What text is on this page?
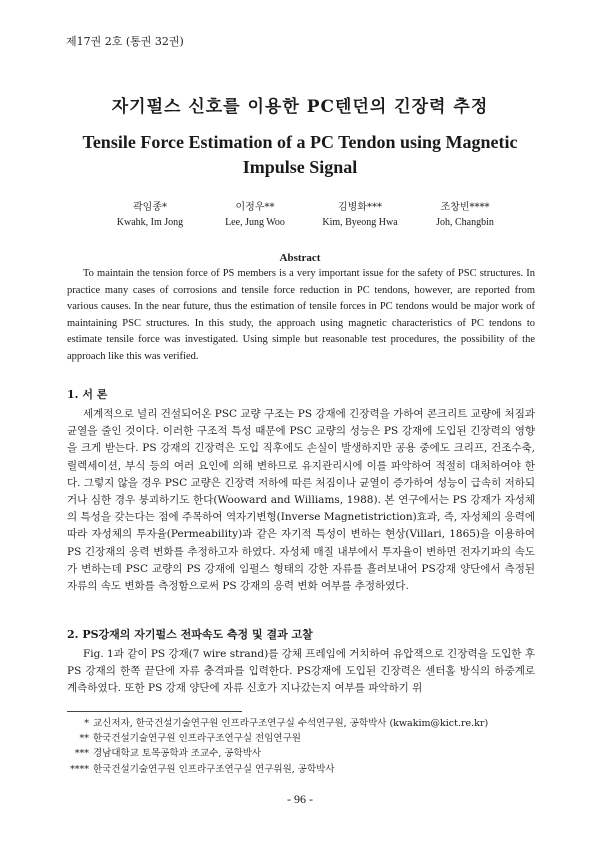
제17권 2호 (통권 32권)
자기펄스 신호를 이용한 PC텐던의 긴장력 추정
Tensile Force Estimation of a PC Tendon using Magnetic Impulse Signal
곽임종*
Kwahk, Im Jong
이정우**
Lee, Jung Woo
김병화***
Kim, Byeong Hwa
조창빈****
Joh, Changbin
Abstract
To maintain the tension force of PS members is a very important issue for the safety of PSC structures. In practice many cases of corrosions and tensile force reduction in PC tendons, however, are reported from various causes. In the near future, thus the estimation of tensile forces in PC tendons would be major work of maintaining PSC structures. In this study, the approach using magnetic characteristics of PC tendons to estimate tensile force was investigated. Using simple but reasonable test procedures, the possibility of the approach like this was verified.
1. 서 론
세계적으로 널리 건설되어온 PSC 교량 구조는 PS 강재에 긴장력을 가하여 콘크리트 교량에 처짐과 균열을 줄인 것이다. 이러한 구조적 특성 때문에 PSC 교량의 성능은 PS 강재에 도입된 긴장력의 영향을 크게 받는다. PS 강재의 긴장력은 도입 직후에도 손실이 발생하지만 공용 중에도 크리프, 건조수축, 릴렉세이션, 부식 등의 여러 요인에 의해 변하므로 유지관리시에 이를 파악하여 적절히 대처하여야 한다. 그렇지 않을 경우 PSC 교량은 긴장력 저하에 따른 처짐이나 균열이 증가하여 성능이 급속히 저하되거나 심한 경우 붕괴하기도 한다(Wooward and Williams, 1988). 본 연구에서는 PS 강재가 자성체의 특성을 갖는다는 점에 주목하여 역자기변형(Inverse Magnetistriction)효과, 즉, 자성체의 응력에 따라 자성체의 투자율(Permeability)과 같은 자기적 특성이 변하는 현상(Villari, 1865)을 이용하여 PS 긴장재의 응력 변화를 추정하고자 하였다. 자성체 매질 내부에서 투자율이 변하면 전자기파의 속도가 변하는데 PSC 교량의 PS 강재에 임펄스 형태의 강한 자류를 흘려보내어 PS강재 양단에서 측정된 자류의 속도 변화를 측정함으로써 PS 강재의 응력 변화 여부를 추정하였다.
2. PS강재의 자기펄스 전파속도 측정 및 결과 고찰
Fig. 1과 같이 PS 강재(7 wire strand)를 강체 프레임에 거치하여 유압잭으로 긴장력을 도입한 후 PS 강재의 한쪽 끝단에 자류 충격파를 입력한다. PS강재에 도입된 긴장력은 센터홀 방식의 하중계로 계측하였다. 또한 PS 강재 양단에 자류 신호가 지나갔는지 여부를 파악하기 위
* 교신저자, 한국건설기술연구원 인프라구조연구실 수석연구원, 공학박사 (kwakim@kict.re.kr)
** 한국건설기술연구원 인프라구조연구실 전임연구원
*** 경남대학교 토목공학과 조교수, 공학박사
**** 한국건설기술연구원 인프라구조연구실 연구위원, 공학박사
- 96 -
